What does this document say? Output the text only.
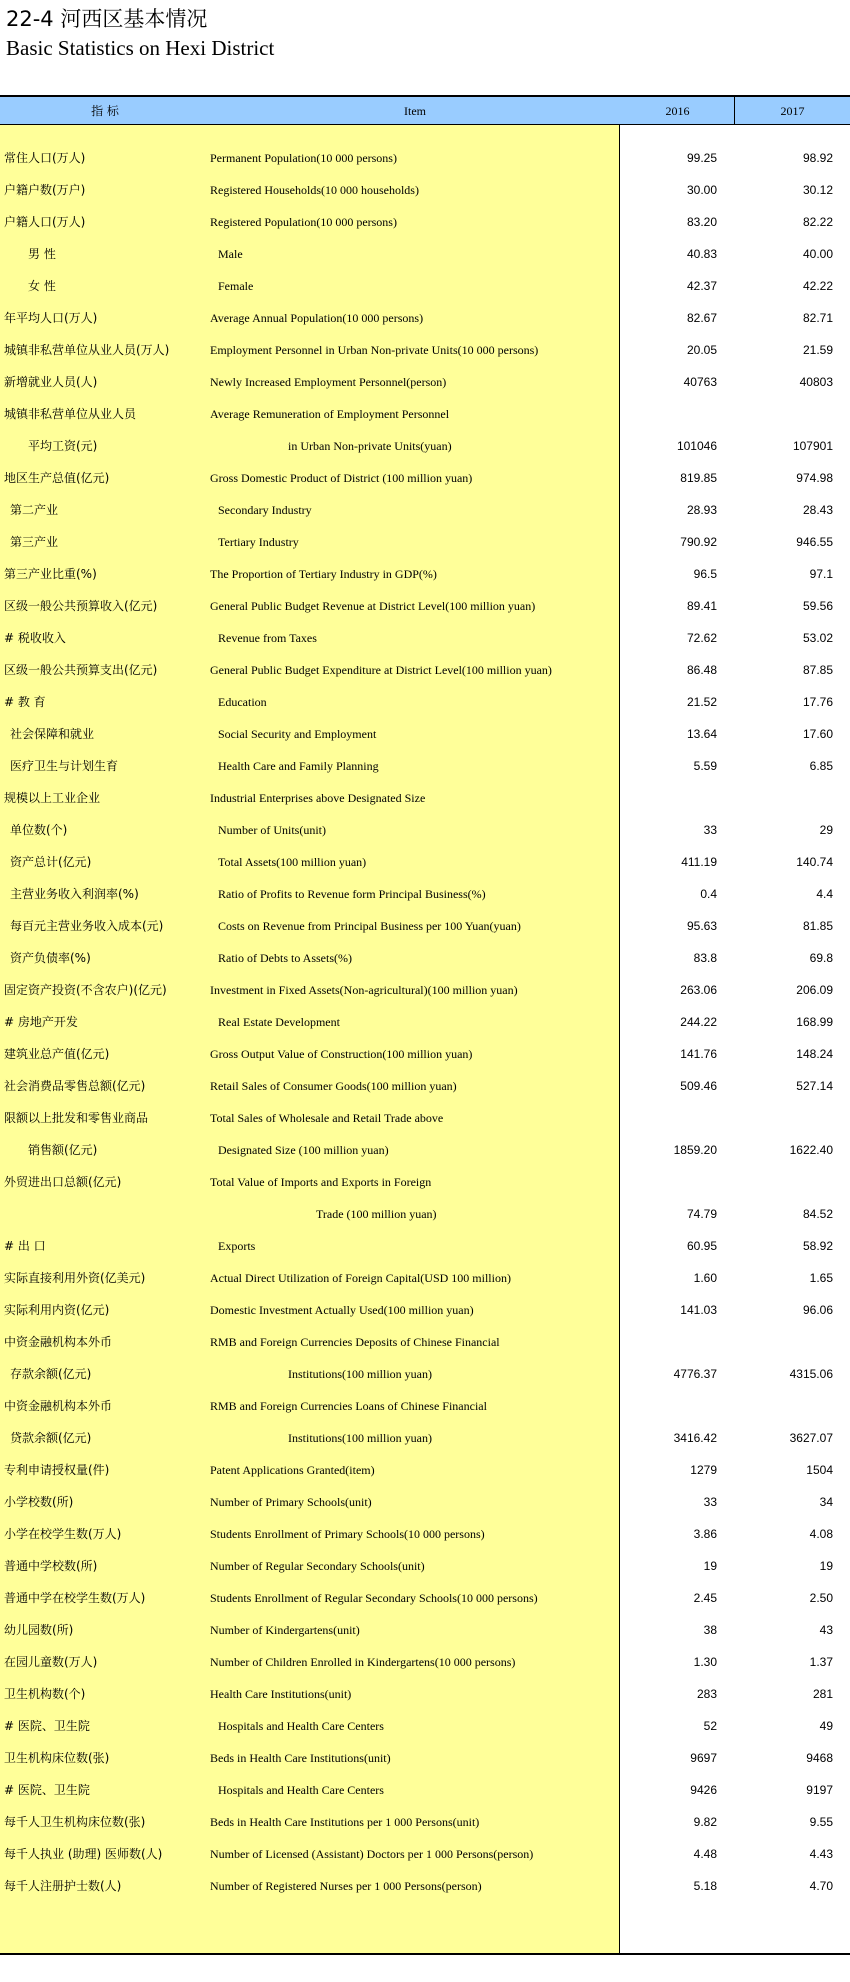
22-4 河西区基本情况
Basic Statistics on Hexi District
指 标	Item	2016	2017
常住人口(万人)	Permanent Population(10 000 persons)	99.25	98.92
户籍户数(万户)	Registered Households(10 000 households)	30.00	30.12
户籍人口(万人)	Registered Population(10 000 persons)	83.20	82.22
男 性	Male	40.83	40.00
女 性	Female	42.37	42.22
年平均人口(万人)	Average Annual Population(10 000 persons)	82.67	82.71
城镇非私营单位从业人员(万人)	Employment Personnel in Urban Non-private Units(10 000 persons)	20.05	21.59
新增就业人员(人)	Newly Increased Employment Personnel(person)	40763	40803
城镇非私营单位从业人员	Average Remuneration of Employment Personnel
平均工资(元)	in Urban Non-private Units(yuan)	101046	107901
地区生产总值(亿元)	Gross Domestic Product of District (100 million yuan)	819.85	974.98
第二产业	Secondary Industry	28.93	28.43
第三产业	Tertiary Industry	790.92	946.55
第三产业比重(%)	The Proportion of Tertiary Industry in GDP(%)	96.5	97.1
区级一般公共预算收入(亿元)	General Public Budget Revenue at District Level(100 million yuan)	89.41	59.56
# 税收收入	Revenue from Taxes	72.62	53.02
区级一般公共预算支出(亿元)	General Public Budget Expenditure at District Level(100 million yuan)	86.48	87.85
# 教 育	Education	21.52	17.76
社会保障和就业	Social Security and Employment	13.64	17.60
医疗卫生与计划生育	Health Care and Family Planning	5.59	6.85
规模以上工业企业	Industrial Enterprises above Designated Size
单位数(个)	Number of Units(unit)	33	29
资产总计(亿元)	Total Assets(100 million yuan)	411.19	140.74
主营业务收入利润率(%)	Ratio of Profits to Revenue form Principal Business(%)	0.4	4.4
每百元主营业务收入成本(元)	Costs on Revenue from Principal Business per 100 Yuan(yuan)	95.63	81.85
资产负债率(%)	Ratio of Debts to Assets(%)	83.8	69.8
固定资产投资(不含农户)(亿元)	Investment in Fixed Assets(Non-agricultural)(100 million yuan)	263.06	206.09
# 房地产开发	Real Estate Development	244.22	168.99
建筑业总产值(亿元)	Gross Output Value of Construction(100 million yuan)	141.76	148.24
社会消费品零售总额(亿元)	Retail Sales of Consumer Goods(100 million yuan)	509.46	527.14
限额以上批发和零售业商品	Total Sales of Wholesale and Retail Trade above
销售额(亿元)	Designated Size (100 million yuan)	1859.20	1622.40
外贸进出口总额(亿元)	Total Value of Imports and Exports in Foreign
Trade (100 million yuan)	74.79	84.52
# 出 口	Exports	60.95	58.92
实际直接利用外资(亿美元)	Actual Direct Utilization of Foreign Capital(USD 100 million)	1.60	1.65
实际利用内资(亿元)	Domestic Investment Actually Used(100 million yuan)	141.03	96.06
中资金融机构本外币	RMB and Foreign Currencies Deposits of Chinese Financial
存款余额(亿元)	Institutions(100 million yuan)	4776.37	4315.06
中资金融机构本外币	RMB and Foreign Currencies Loans of Chinese Financial
贷款余额(亿元)	Institutions(100 million yuan)	3416.42	3627.07
专利申请授权量(件)	Patent Applications Granted(item)	1279	1504
小学校数(所)	Number of Primary Schools(unit)	33	34
小学在校学生数(万人)	Students Enrollment of Primary Schools(10 000 persons)	3.86	4.08
普通中学校数(所)	Number of Regular Secondary Schools(unit)	19	19
普通中学在校学生数(万人)	Students Enrollment of Regular Secondary Schools(10 000 persons)	2.45	2.50
幼儿园数(所)	Number of Kindergartens(unit)	38	43
在园儿童数(万人)	Number of Children Enrolled in Kindergartens(10 000 persons)	1.30	1.37
卫生机构数(个)	Health Care Institutions(unit)	283	281
# 医院、卫生院	Hospitals and Health Care Centers	52	49
卫生机构床位数(张)	Beds in Health Care Institutions(unit)	9697	9468
# 医院、卫生院	Hospitals and Health Care Centers	9426	9197
每千人卫生机构床位数(张)	Beds in Health Care Institutions per 1 000 Persons(unit)	9.82	9.55
每千人执业 (助理) 医师数(人)	Number of Licensed (Assistant) Doctors per 1 000 Persons(person)	4.48	4.43
每千人注册护士数(人)	Number of Registered Nurses per 1 000 Persons(person)	5.18	4.70
